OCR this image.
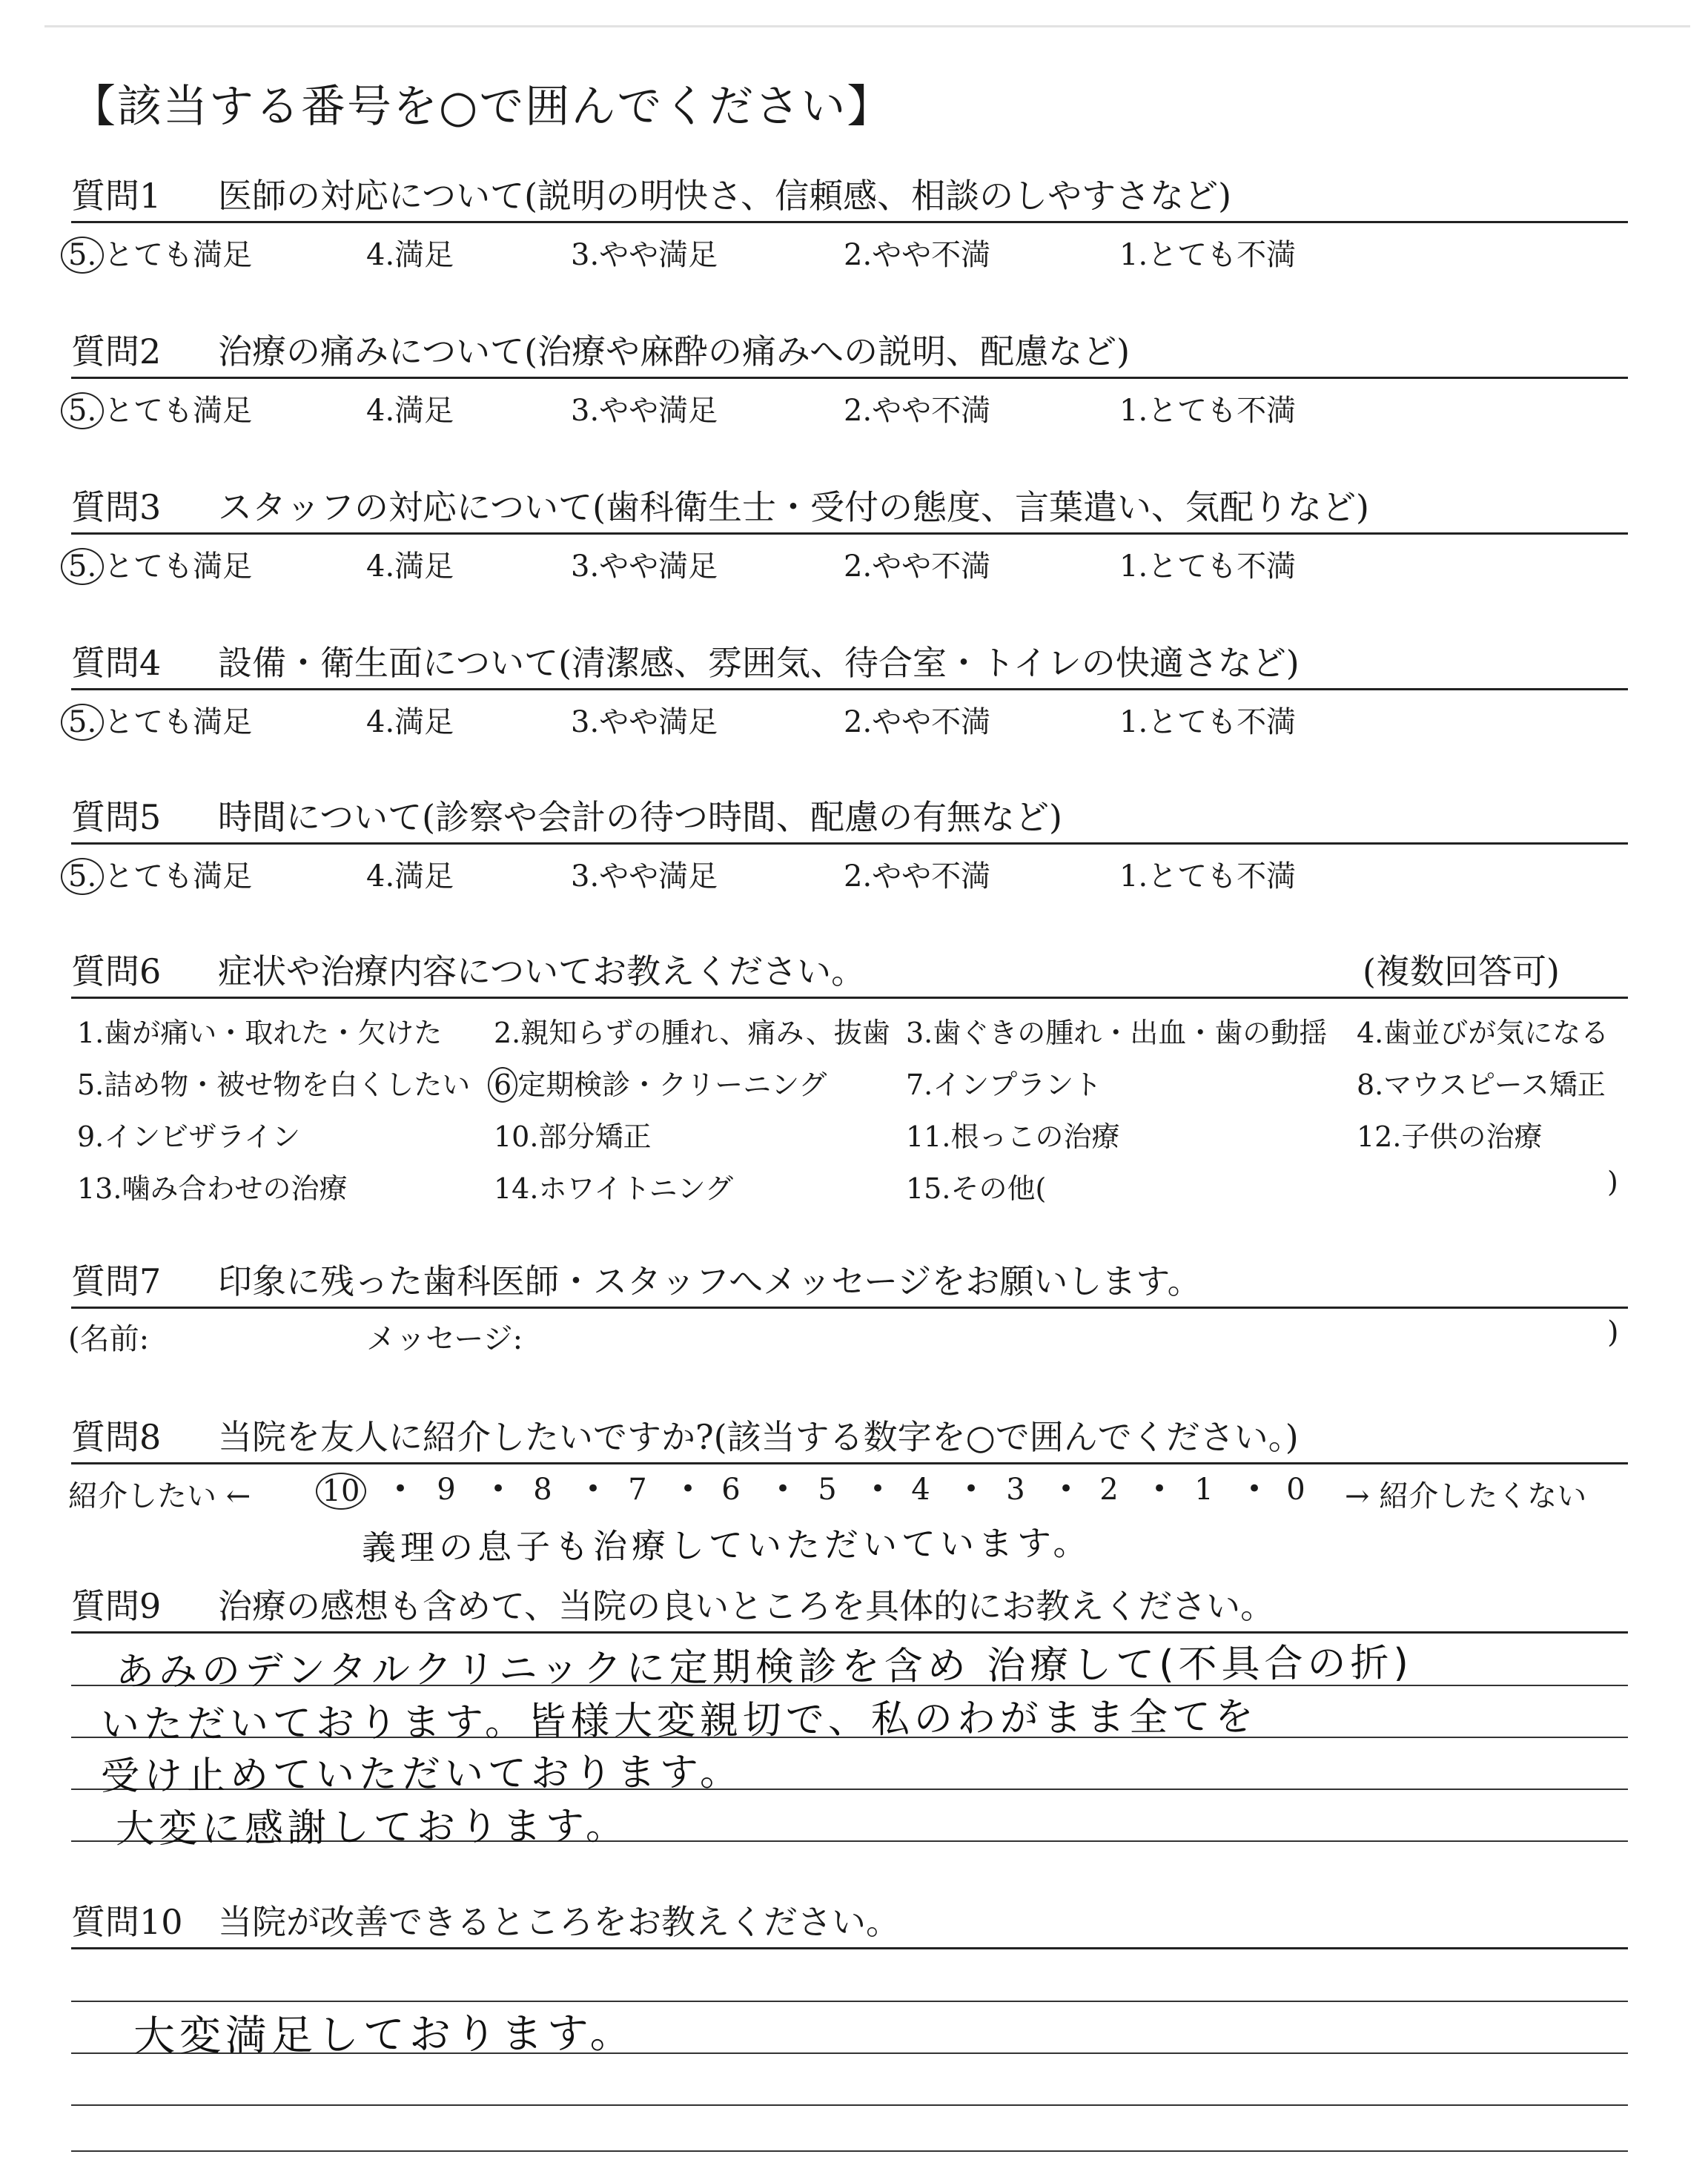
【該当する番号を○で囲んでください】
質問1 医師の対応について(説明の明快さ、信頼感、相談のしやすさなど)
5. とても満足	4.満足	3.やや満足	2.やや不満	1.とても不満
質問2 治療の痛みについて(治療や麻酔の痛みへの説明、配慮など)
5. とても満足	4.満足	3.やや満足	2.やや不満	1.とても不満
質問3 スタッフの対応について(歯科衛生士・受付の態度、言葉遣い、気配りなど)
5. とても満足	4.満足	3.やや満足	2.やや不満	1.とても不満
質問4 設備・衛生面について(清潔感、雰囲気、待合室・トイレの快適さなど)
5. とても満足	4.満足	3.やや満足	2.やや不満	1.とても不満
質問5 時間について(診察や会計の待つ時間、配慮の有無など)
5. とても満足	4.満足	3.やや満足	2.やや不満	1.とても不満
質問6 症状や治療内容についてお教えください。	(複数回答可)
1.歯が痛い・取れた・欠けた 2.親知らずの腫れ、痛み、抜歯 3.歯ぐきの腫れ・出血・歯の動揺 4.歯並びが気になる
5.詰め物・被せ物を白くしたい 6 定期検診・クリーニング	7.インプラント	8.マウスピース矯正
9.インビザライン	10.部分矯正	11.根っこの治療	12.子供の治療
13.噛み合わせの治療	14.ホワイトニング	15.その他(	)
質問7 印象に残った歯科医師・スタッフへメッセージをお願いします。
(名前:	メッセージ:	)
質問8 当院を友人に紹介したいですか?(該当する数字を○で囲んでください。)
紹介したい ←	→ 紹介したくない
10 • 9 • 8 • 7 • 6 • 5 • 4 • 3 • 2 • 1 • 0
義理の息子も治療していただいています。
質問9 治療の感想も含めて、当院の良いところを具体的にお教えください。
あみのデンタルクリニックに定期検診を含め 治療して(不具合の折)
いただいております。皆様大変親切で、私のわがまま全てを
受け止めていただいております。
大変に感謝しております。
質問10 当院が改善できるところをお教えください。
大変満足しております。
